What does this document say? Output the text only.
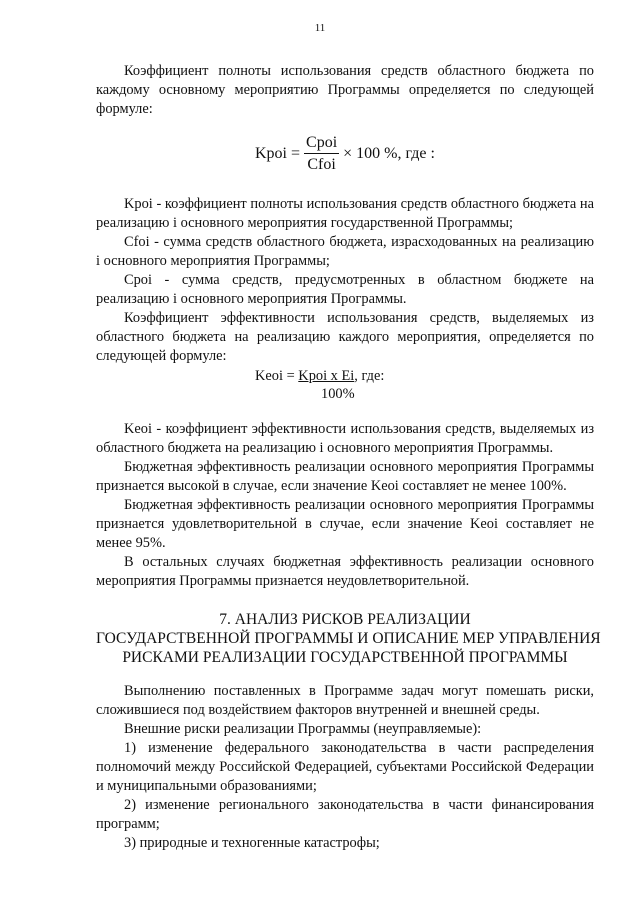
11

Коэффициент полноты использования средств областного бюджета по каждому основному мероприятию Программы определяется по следующей формуле:

Kpoi = $\frac{\text{Cpoi}}{\text{Cfoi}} \times 100$ %, где :

Kpoi - коэффициент полноты использования средств областного бюджета на реализацию i основного мероприятия государственной Программы;

Cfoi - сумма средств областного бюджета, израсходованных на реализацию i основного мероприятия Программы;

Cpoi - сумма средств, предусмотренных в областном бюджете на реализацию i основного мероприятия Программы.

Коэффициент эффективности использования средств, выделяемых из областного бюджета на реализацию каждого мероприятия, определяется по следующей формуле:

Keoi = Kpoi x Ei, где:
100%

Keoi - коэффициент эффективности использования средств, выделяемых из областного бюджета на реализацию i основного мероприятия Программы.

Бюджетная эффективность реализации основного мероприятия Программы признается высокой в случае, если значение Keoi составляет не менее 100%.

Бюджетная эффективность реализации основного мероприятия Программы признается удовлетворительной в случае, если значение Keoi составляет не менее 95%.

В остальных случаях бюджетная эффективность реализации основного мероприятия Программы признается неудовлетворительной.

7. АНАЛИЗ РИСКОВ РЕАЛИЗАЦИИ
ГОСУДАРСТВЕННОЙ ПРОГРАММЫ И ОПИСАНИЕ МЕР УПРАВЛЕНИЯ
РИСКАМИ РЕАЛИЗАЦИИ ГОСУДАРСТВЕННОЙ ПРОГРАММЫ

Выполнению поставленных в Программе задач могут помешать риски, сложившиеся под воздействием факторов внутренней и внешней среды.

Внешние риски реализации Программы (неуправляемые):

1) изменение федерального законодательства в части распределения полномочий между Российской Федерацией, субъектами Российской Федерации и муниципальными образованиями;

2) изменение регионального законодательства в части финансирования программ;

3) природные и техногенные катастрофы;
